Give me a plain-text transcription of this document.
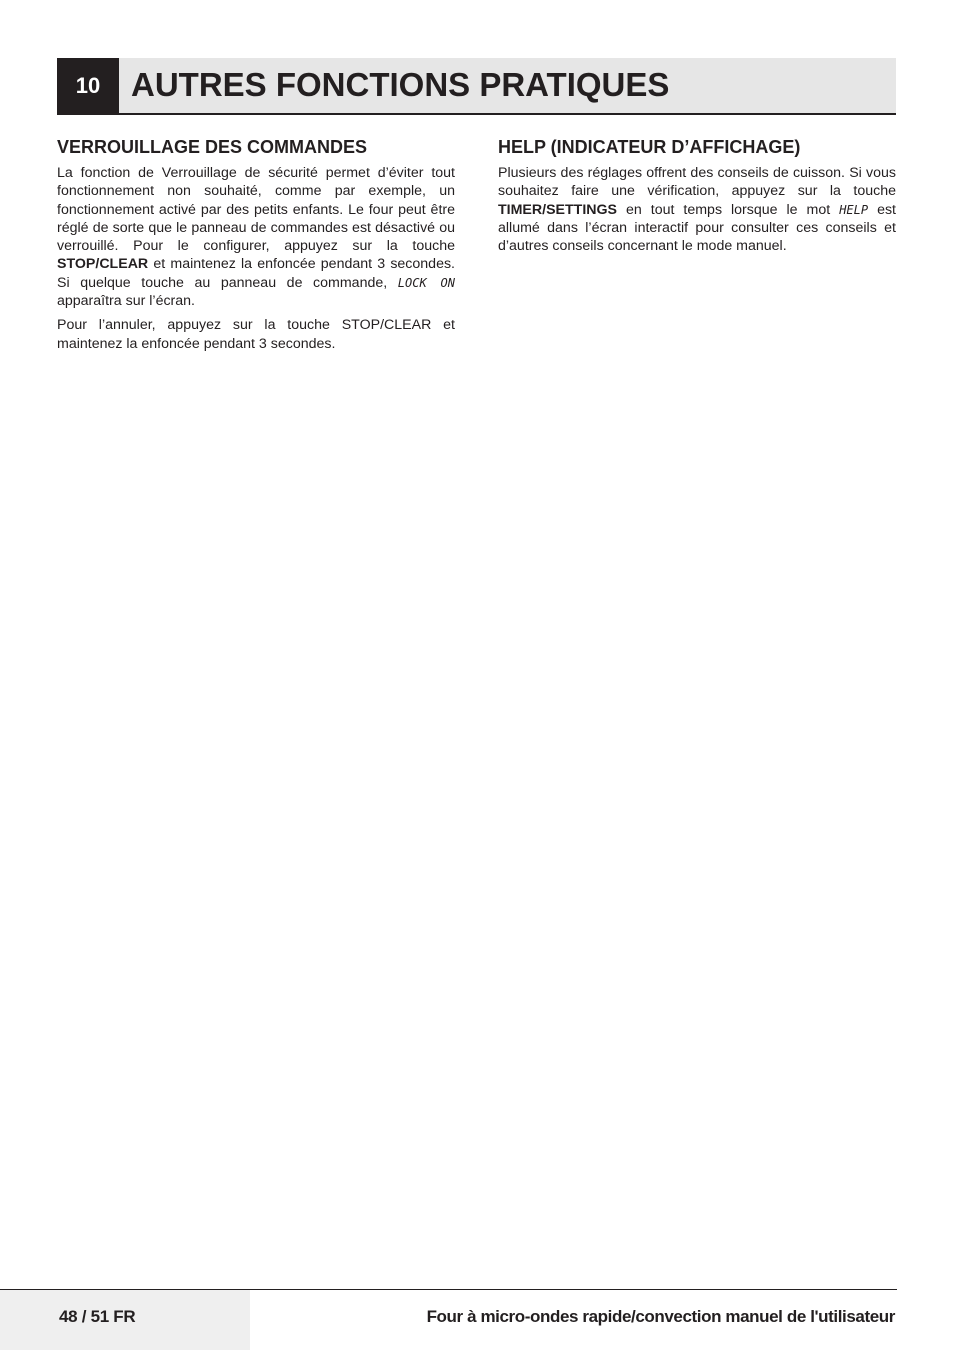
10 AUTRES FONCTIONS PRATIQUES
VERROUILLAGE DES COMMANDES

La fonction de Verrouillage de sécurité permet d’éviter tout fonctionnement non souhaité, comme par exemple, un fonctionnement activé par des petits enfants. Le four peut être réglé de sorte que le panneau de commandes est désactivé ou verrouillé. Pour le configurer, appuyez sur la touche STOP/CLEAR et maintenez la enfoncée pendant 3 secondes. Si quelque touche au panneau de commande, LOCK ON apparaîtra sur l’écran.

Pour l’annuler, appuyez sur la touche STOP/CLEAR et maintenez la enfoncée pendant 3 secondes.

HELP (INDICATEUR D’AFFICHAGE)

Plusieurs des réglages offrent des conseils de cuisson. Si vous souhaitez faire une vérification, appuyez sur la touche TIMER/SETTINGS en tout temps lorsque le mot HELP est allumé dans l’écran interactif pour consulter ces conseils et d’autres conseils concernant le mode manuel.

48 / 51 FR	Four à micro-ondes rapide/convection manuel de l'utilisateur
